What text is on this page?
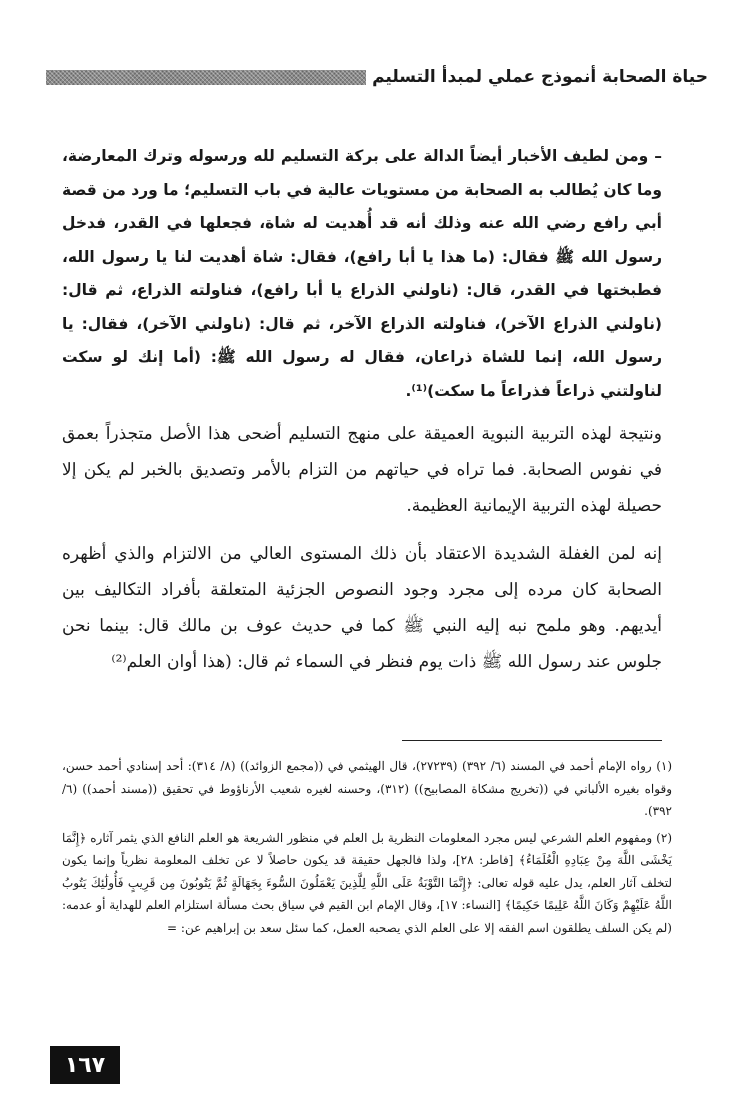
حياة الصحابة أنموذج عملي لمبدأ التسليم

– ومن لطيف الأخبار أيضاً الدالة على بركة التسليم لله ورسوله وترك المعارضة، وما كان يُطالب به الصحابة من مستويات عالية في باب التسليم؛ ما ورد من قصة أبي رافع رضي الله عنه وذلك أنه قد أُهديت له شاة، فجعلها في القدر، فدخل رسول الله ﷺ فقال: (ما هذا يا أبا رافع)، فقال: شاة أهديت لنا يا رسول الله، فطبختها في القدر، قال: (ناولني الذراع يا أبا رافع)، فناولته الذراع، ثم قال: (ناولني الذراع الآخر)، فناولته الذراع الآخر، ثم قال: (ناولني الآخر)، فقال: يا رسول الله، إنما للشاة ذراعان، فقال له رسول الله ﷺ: (أما إنك لو سكت لناولتني ذراعاً فذراعاً ما سكت)⁽¹⁾.

ونتيجة لهذه التربية النبوية العميقة على منهج التسليم أضحى هذا الأصل متجذراً بعمق في نفوس الصحابة. فما تراه في حياتهم من التزام بالأمر وتصديق بالخبر لم يكن إلا حصيلة لهذه التربية الإيمانية العظيمة.

إنه لمن الغفلة الشديدة الاعتقاد بأن ذلك المستوى العالي من الالتزام والذي أظهره الصحابة كان مرده إلى مجرد وجود النصوص الجزئية المتعلقة بأفراد التكاليف بين أيديهم. وهو ملمح نبه إليه النبي ﷺ كما في حديث عوف بن مالك قال: بينما نحن جلوس عند رسول الله ﷺ ذات يوم فنظر في السماء ثم قال: (هذا أوان العلم⁽²⁾

(١) رواه الإمام أحمد في المسند (٦/ ٣٩٢) (٢٧٢٣٩)، قال الهيثمي في ((مجمع الزوائد)) (٨/ ٣١٤): أحد إسنادي أحمد حسن، وقواه بغيره الألباني في ((تخريج مشكاة المصابيح)) (٣١٢)، وحسنه لغيره شعيب الأرناؤوط في تحقيق ((مسند أحمد)) (٦/ ٣٩٢).

(٢) ومفهوم العلم الشرعي ليس مجرد المعلومات النظرية بل العلم في منظور الشريعة هو العلم النافع الذي يثمر آثاره ﴿إِنَّمَا يَخْشَى اللَّهَ مِنْ عِبَادِهِ الْعُلَمَاءُ﴾ [فاطر: ٢٨]، ولذا فالجهل حقيقة قد يكون حاصلاً لا عن تخلف المعلومة نظرياً وإنما يكون لتخلف آثار العلم، يدل عليه قوله تعالى: ﴿إِنَّمَا التَّوْبَةُ عَلَى اللَّهِ لِلَّذِينَ يَعْمَلُونَ السُّوءَ بِجَهَالَةٍ ثُمَّ يَتُوبُونَ مِن قَرِيبٍ فَأُولَٰئِكَ يَتُوبُ اللَّهُ عَلَيْهِمْ وَكَانَ اللَّهُ عَلِيمًا حَكِيمًا﴾ [النساء: ١٧]، وقال الإمام ابن القيم في سياق بحث مسألة استلزام العلم للهداية أو عدمه: (لم يكن السلف يطلقون اسم الفقه إلا على العلم الذي يصحبه العمل، كما سئل سعد بن إبراهيم عن: =

١٦٧
